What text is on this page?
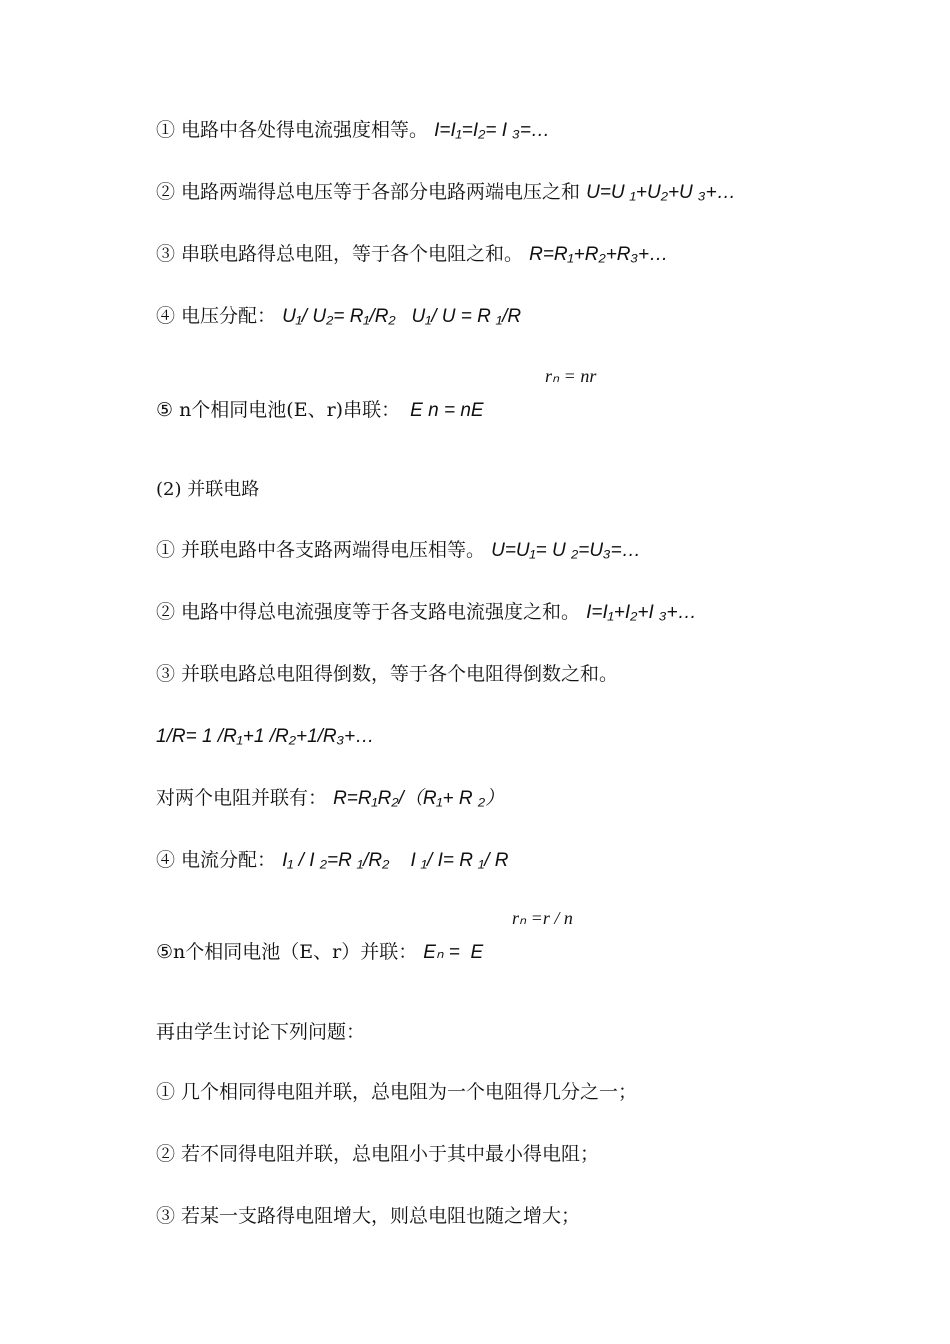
① 电路中各处得电流强度相等。 I=I₁=I₂= I ₃=…
② 电路两端得总电压等于各部分电路两端电压之和 U=U ₁+U₂+U ₃+…
③ 串联电路得总电阻，等于各个电阻之和。 R=R₁+R₂+R₃+…
④ 电压分配： U₁/ U₂= R₁/R₂   U₁/ U = R ₁/R
rₙ = nr
⑤ n个相同电池(E、r)串联： E n = nE
(2) 并联电路
① 并联电路中各支路两端得电压相等。 U=U₁= U ₂=U₃=…
② 电路中得总电流强度等于各支路电流强度之和。 I=I₁+I₂+I ₃+…
③ 并联电路总电阻得倒数，等于各个电阻得倒数之和。
1/R= 1 /R₁+1 /R₂+1/R₃+…
对两个电阻并联有： R=R₁R₂/（R₁+ R ₂）
④ 电流分配： I₁ / I ₂=R ₁/R₂    I ₁/ I= R ₁/ R
rₙ =r / n
⑤n个相同电池（E、r）并联： Eₙ =  E
再由学生讨论下列问题：
① 几个相同得电阻并联，总电阻为一个电阻得几分之一；
② 若不同得电阻并联，总电阻小于其中最小得电阻；
③ 若某一支路得电阻增大，则总电阻也随之增大；
